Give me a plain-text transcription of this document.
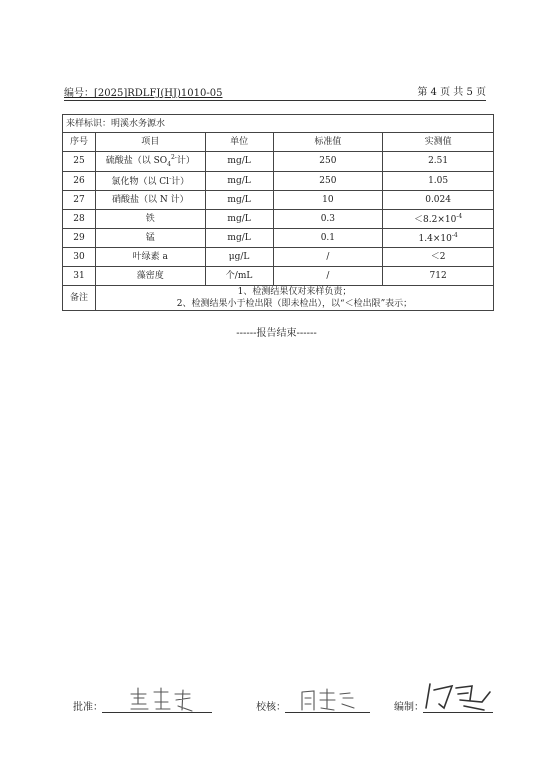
编号：[2025]RDLFJ(HJ)1010-05	第 4 页 共 5 页
来样标识：明溪水务源水				
序号	项目	单位	标准值	实测值
25	硫酸盐（以 $SO_4^{2-}$计）	mg/L	250	2.51
26	氯化物（以 Cl-计）	mg/L	250	1.05
27	硝酸盐（以 N 计）	mg/L	10	0.024
28	铁	mg/L	0.3	$<8.2\times 10^{-4}$
29	锰	mg/L	0.1	$1.4\times 10^{-4}$
30	叶绿素 a	μg/L	/	＜2
31	藻密度	个/mL	/	712
备注	1、检测结果仅对来样负责；
2、检测结果小于检出限（即未检出），以“＜检出限”表示；			
------报告结束------
批准：	校核：	编制：
